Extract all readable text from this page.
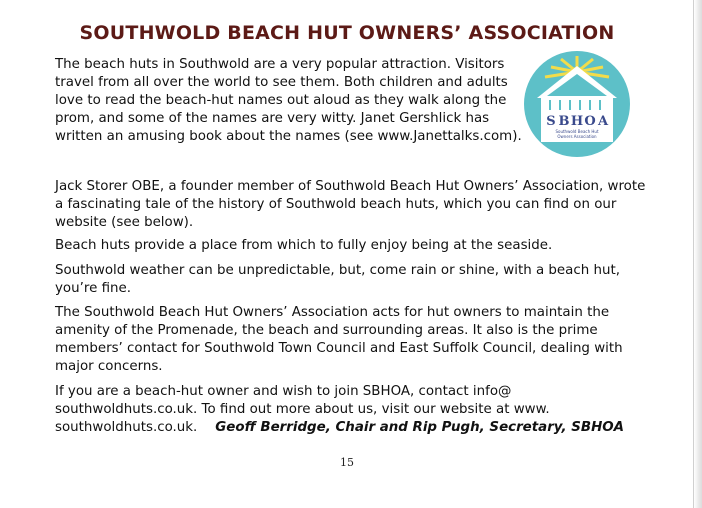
SOUTHWOLD BEACH HUT OWNERS’ ASSOCIATION

The beach huts in Southwold are a very popular attraction. Visitors travel from all over the world to see them. Both children and adults love to read the beach-hut names out aloud as they walk along the prom, and some of the names are very witty. Janet Gershlick has written an amusing book about the names (see www.Janettalks.com).

S B H O A
Southwold Beach Hut
Owners Association

Jack Storer OBE, a founder member of Southwold Beach Hut Owners’ Association, wrote a fascinating tale of the history of Southwold beach huts, which you can find on our website (see below).

Beach huts provide a place from which to fully enjoy being at the seaside.

Southwold weather can be unpredictable, but, come rain or shine, with a beach hut, you’re fine.

The Southwold Beach Hut Owners’ Association acts for hut owners to maintain the amenity of the Promenade, the beach and surrounding areas. It also is the prime members’ contact for Southwold Town Council and East Suffolk Council, dealing with major concerns.

If you are a beach-hut owner and wish to join SBHOA, contact info@ southwoldhuts.co.uk. To find out more about us, visit our website at www. southwoldhuts.co.uk. Geoff Berridge, Chair and Rip Pugh, Secretary, SBHOA

15
